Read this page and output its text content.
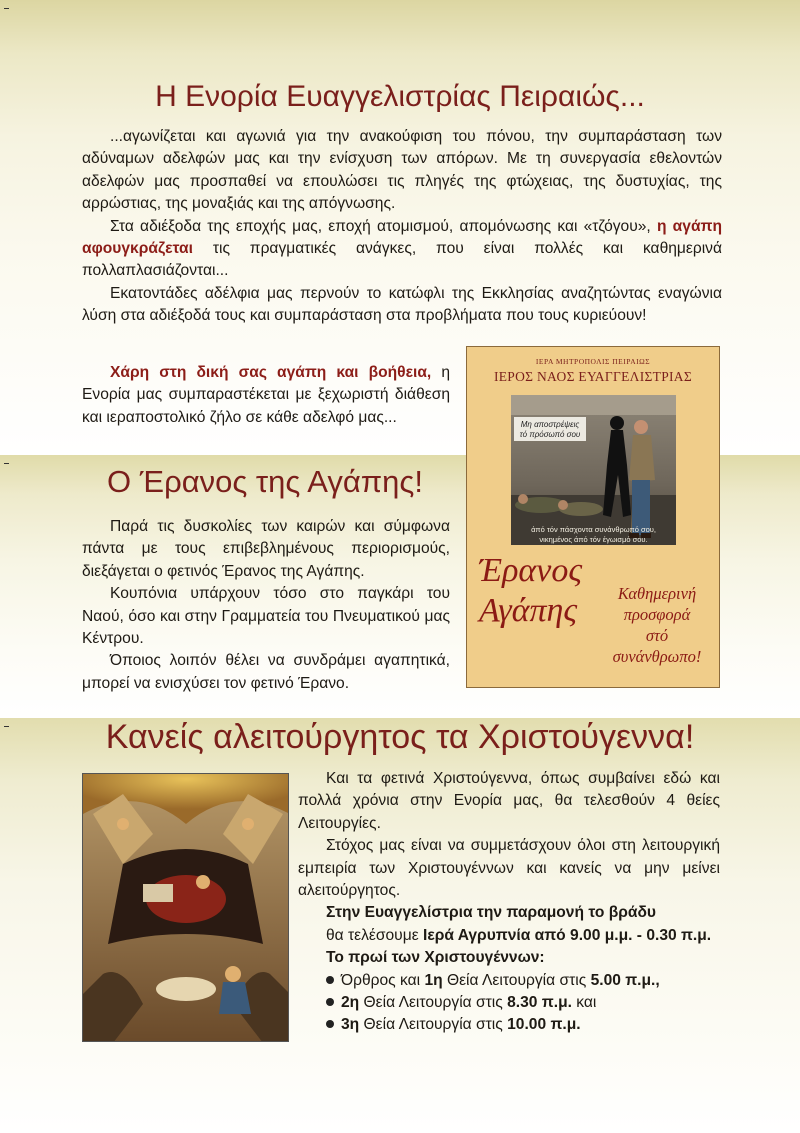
Η Ενορία Ευαγγελιστρίας Πειραιώς...

...αγωνίζεται και αγωνιά για την ανακούφιση του πόνου, την συμπαράσταση των αδύναμων αδελφών μας και την ενίσχυση των απόρων. Με τη συνεργασία εθελοντών αδελφών μας προσπαθεί να επουλώσει τις πληγές της φτώχειας, της δυστυχίας, της αρρώστιας, της μοναξιάς και της απόγνωσης.

Στα αδιέξοδα της εποχής μας, εποχή ατομισμού, απομόνωσης και «τζόγου», η αγάπη αφουγκράζεται τις πραγματικές ανάγκες, που είναι πολλές και καθημερινά πολλαπλασιάζονται...

Εκατοντάδες αδέλφια μας περνούν το κατώφλι της Εκκλησίας αναζητώντας εναγώνια λύση στα αδιέξοδά τους και συμπαράσταση στα προβλήματα που τους κυριεύουν!

Χάρη στη δική σας αγάπη και βοήθεια, η Ενορία μας συμπαραστέκεται με ξεχωριστή διάθεση και ιεραποστολικό ζήλο σε κάθε αδελφό μας...

ΙΕΡΑ ΜΗΤΡΟΠΟΛΙΣ ΠΕΙΡΑΙΩΣ
ΙΕΡΟΣ ΝΑΟΣ ΕΥΑΓΓΕΛΙΣΤΡΙΑΣ
Μη αποστρέψεις
τό πρόσωπό σου
άπό τόν πάσχοντα συνάνθρωπό σου,
νικημένος άπό τόν έγωισμό σου.
Έρανος
Αγάπης	Καθημερινή
προσφορά
στό συνάνθρωπο!
Ο Έρανος της Αγάπης!

Παρά τις δυσκολίες των καιρών και σύμφωνα πάντα με τους επιβεβλημένους περιορισμούς, διεξάγεται ο φετινός Έρανος της Αγάπης.

Κουπόνια υπάρχουν τόσο στο παγκάρι του Ναού, όσο και στην Γραμματεία του Πνευματικού μας Κέντρου.

Όποιος λοιπόν θέλει να συνδράμει αγαπητικά, μπορεί να ενισχύσει τον φετινό Έρανο.

Κανείς αλειτούργητος τα Χριστούγεννα!

Και τα φετινά Χριστούγεννα, όπως συμβαίνει εδώ και πολλά χρόνια στην Ενορία μας, θα τελεσθούν 4 θείες Λειτουργίες.

Στόχος μας είναι να συμμετάσχουν όλοι στη λειτουργική εμπειρία των Χριστουγέννων και κανείς να μην μείνει αλειτούργητος.

Στην Ευαγγελίστρια την παραμονή το βράδυ

θα τελέσουμε Ιερά Αγρυπνία από 9.00 μ.μ. - 0.30 π.μ.

Το πρωί των Χριστουγέννων:

Όρθρος και 1η Θεία Λειτουργία στις 5.00 π.μ.,

2η Θεία Λειτουργία στις 8.30 π.μ. και

3η Θεία Λειτουργία στις 10.00 π.μ.
